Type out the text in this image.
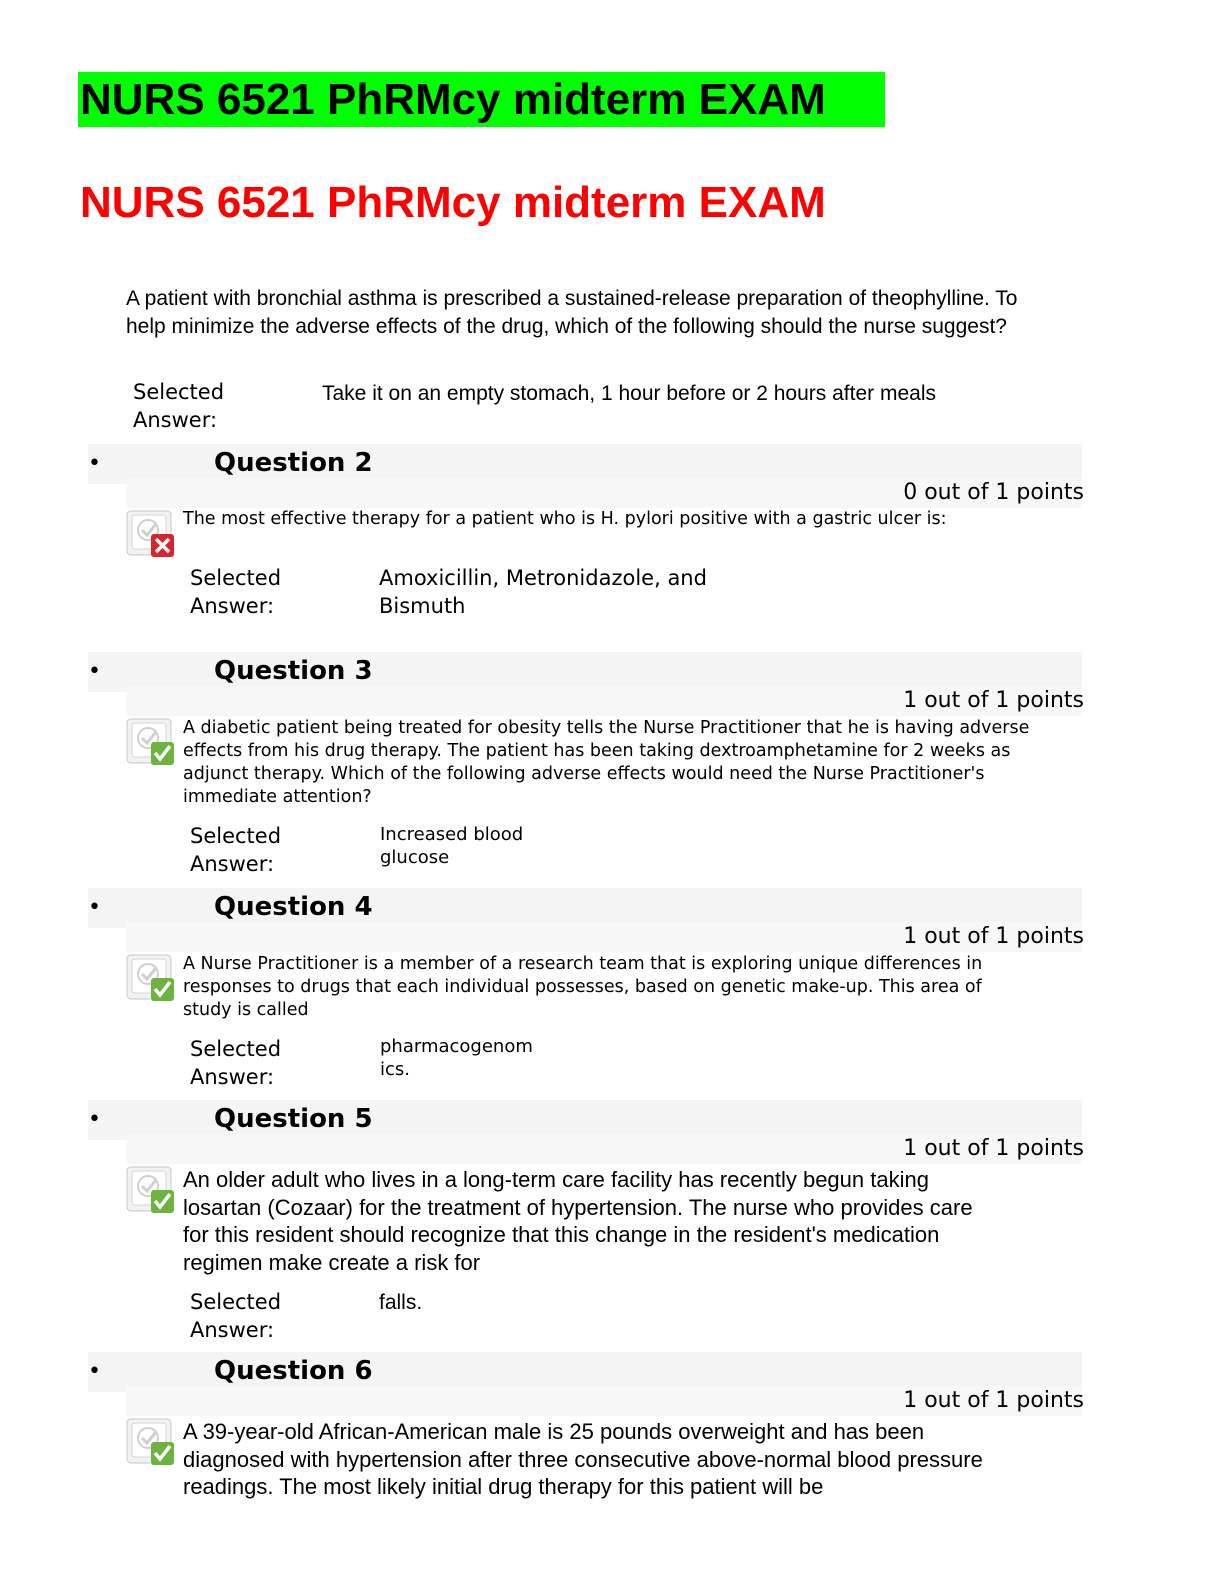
NURS 6521 PhRMcy midterm EXAM
NURS 6521 PhRMcy midterm EXAM
A patient with bronchial asthma is prescribed a sustained-release preparation of theophylline. To help minimize the adverse effects of the drug, which of the following should the nurse suggest?
Selected
Answer:
Take it on an empty stomach, 1 hour before or 2 hours after meals
•	Question 2
0 out of 1 points
The most effective therapy for a patient who is H. pylori positive with a gastric ulcer is:
Selected
Answer:
Amoxicillin, Metronidazole, and
Bismuth
•	Question 3
1 out of 1 points
A diabetic patient being treated for obesity tells the Nurse Practitioner that he is having adverse effects from his drug therapy. The patient has been taking dextroamphetamine for 2 weeks as adjunct therapy. Which of the following adverse effects would need the Nurse Practitioner's immediate attention?
Selected
Answer:
Increased blood
glucose
•	Question 4
1 out of 1 points
A Nurse Practitioner is a member of a research team that is exploring unique differences in responses to drugs that each individual possesses, based on genetic make-up. This area of study is called
Selected
Answer:
pharmacogenom
ics.
•	Question 5
1 out of 1 points
An older adult who lives in a long-term care facility has recently begun taking losartan (Cozaar) for the treatment of hypertension. The nurse who provides care for this resident should recognize that this change in the resident's medication regimen make create a risk for
Selected
Answer:
falls.
•	Question 6
1 out of 1 points
A 39-year-old African-American male is 25 pounds overweight and has been diagnosed with hypertension after three consecutive above-normal blood pressure readings. The most likely initial drug therapy for this patient will be
